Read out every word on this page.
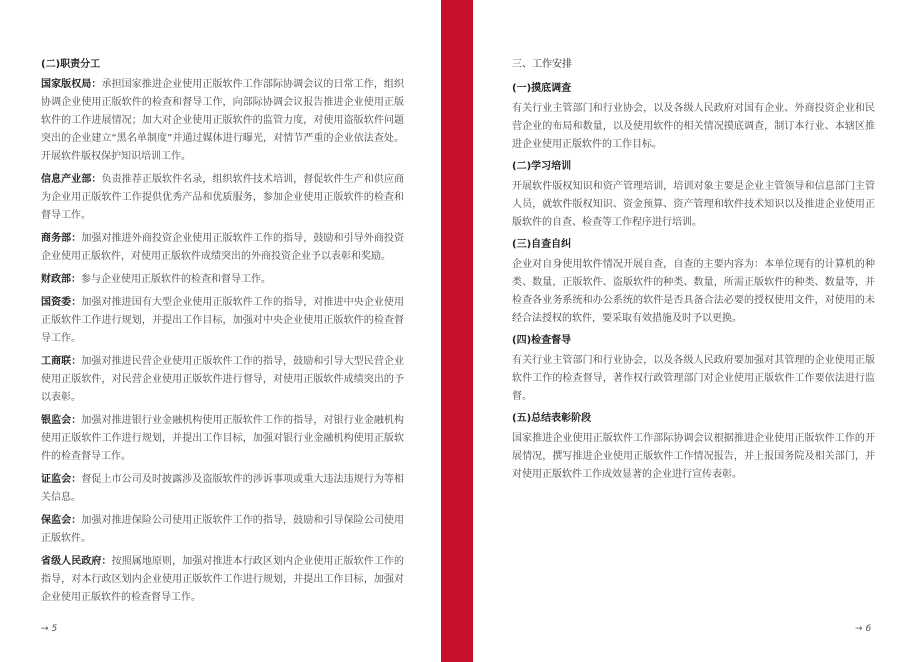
(二)职责分工

国家版权局：承担国家推进企业使用正版软件工作部际协调会议的日常工作，组织协调企业使用正版软件的检查和督导工作，向部际协调会议报告推进企业使用正版软件的工作进展情况；加大对企业使用正版软件的监管力度，对使用盗版软件问题突出的企业建立“黑名单制度”并通过媒体进行曝光，对情节严重的企业依法查处。开展软件版权保护知识培训工作。

信息产业部：负责推荐正版软件名录，组织软件技术培训，督促软件生产和供应商为企业用正版软件工作提供优秀产品和优质服务，参加企业使用正版软件的检查和督导工作。

商务部：加强对推进外商投资企业使用正版软件工作的指导，鼓励和引导外商投资企业使用正版软件，对使用正版软件成绩突出的外商投资企业予以表彰和奖励。

财政部：参与企业使用正版软件的检查和督导工作。

国资委：加强对推进国有大型企业使用正版软件工作的指导，对推进中央企业使用正版软件工作进行规划，并提出工作目标，加强对中央企业使用正版软件的检查督导工作。

工商联：加强对推进民营企业使用正版软件工作的指导，鼓励和引导大型民营企业使用正版软件，对民营企业使用正版软件进行督导，对使用正版软件成绩突出的予以表彰。

银监会：加强对推进银行业金融机构使用正版软件工作的指导，对银行业金融机构使用正版软件工作进行规划，并提出工作目标，加强对银行业金融机构使用正版软件的检查督导工作。

证监会：督促上市公司及时披露涉及盗版软件的涉诉事项或重大违法违规行为等相关信息。

保监会：加强对推进保险公司使用正版软件工作的指导，鼓励和引导保险公司使用正版软件。

省级人民政府：按照属地原则，加强对推进本行政区划内企业使用正版软件工作的指导，对本行政区划内企业使用正版软件工作进行规划，并提出工作目标，加强对企业使用正版软件的检查督导工作。

三、工作安排
(一)摸底调查

有关行业主管部门和行业协会，以及各级人民政府对国有企业、外商投资企业和民营企业的布局和数量，以及使用软件的相关情况摸底调查，制订本行业、本辖区推进企业使用正版软件的工作目标。

(二)学习培训

开展软件版权知识和资产管理培训，培训对象主要是企业主管领导和信息部门主管人员，就软件版权知识、资金预算、资产管理和软件技术知识以及推进企业使用正版软件的自查、检查等工作程序进行培训。

(三)自查自纠

企业对自身使用软件情况开展自查，自查的主要内容为：本单位现有的计算机的种类、数量，正版软件、盗版软件的种类、数量，所需正版软件的种类、数量等，并检查各业务系统和办公系统的软件是否具备合法必要的授权使用文件，对使用的未经合法授权的软件，要采取有效措施及时予以更换。

(四)检查督导

有关行业主管部门和行业协会，以及各级人民政府要加强对其管理的企业使用正版软件工作的检查督导，著作权行政管理部门对企业使用正版软件工作要依法进行监督。

(五)总结表彰阶段

国家推进企业使用正版软件工作部际协调会议根据推进企业使用正版软件工作的开展情况，撰写推进企业使用正版软件工作情况报告，并上报国务院及相关部门，并对使用正版软件工作成效显著的企业进行宣传表彰。

→ 5	→ 6
